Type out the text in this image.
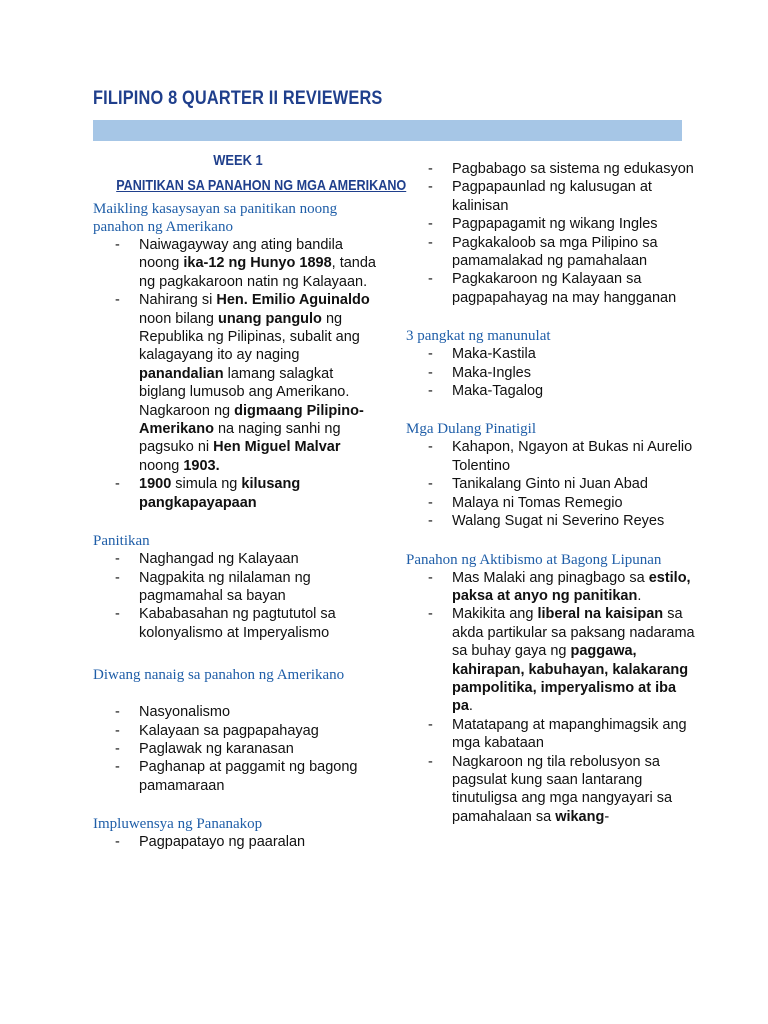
FILIPINO 8 QUARTER II REVIEWERS
WEEK 1
PANITIKAN SA PANAHON NG MGA AMERIKANO

Maikling kasaysayan sa panitikan noong panahon ng Amerikano

- Naiwagayway ang ating bandila noong ika-12 ng Hunyo 1898, tanda ng pagkakaroon natin ng Kalayaan.
- Nahirang si Hen. Emilio Aguinaldo noon bilang unang pangulo ng Republika ng Pilipinas, subalit ang kalagayang ito ay naging panandalian lamang salagkat biglang lumusob ang Amerikano.
Nagkaroon ng digmaang Pilipino-Amerikano na naging sanhi ng pagsuko ni Hen Miguel Malvar noong 1903.
- 1900 simula ng kilusang pangkapayapaan

Panitikan

- Naghangad ng Kalayaan
- Nagpakita ng nilalaman ng pagmamahal sa bayan
- Kababasahan ng pagtututol sa kolonyalismo at Imperyalismo

Diwang nanaig sa panahon ng Amerikano

- Nasyonalismo
- Kalayaan sa pagpapahayag
- Paglawak ng karanasan
- Paghanap at paggamit ng bagong pamamaraan

Impluwensya ng Pananakop

- Pagpapatayo ng paaralan
- Pagbabago sa sistema ng edukasyon
- Pagpapaunlad ng kalusugan at kalinisan
- Pagpapagamit ng wikang Ingles
- Pagkakaloob sa mga Pilipino sa pamamalakad ng pamahalaan
- Pagkakaroon ng Kalayaan sa pagpapahayag na may hangganan

3 pangkat ng manunulat

- Maka-Kastila
- Maka-Ingles
- Maka-Tagalog

Mga Dulang Pinatigil

- Kahapon, Ngayon at Bukas ni Aurelio Tolentino
- Tanikalang Ginto ni Juan Abad
- Malaya ni Tomas Remegio
- Walang Sugat ni Severino Reyes

Panahon ng Aktibismo at Bagong Lipunan

- Mas Malaki ang pinagbago sa estilo, paksa at anyo ng panitikan.
- Makikita ang liberal na kaisipan sa akda partikular sa paksang nadarama sa buhay gaya ng paggawa, kahirapan, kabuhayan, kalakarang pampolitika, imperyalismo at iba pa.
- Matatapang at mapanghimagsik ang mga kabataan
- Nagkaroon ng tila rebolusyon sa pagsulat kung saan lantarang tinutuligsa ang mga nangyayari sa pamahalaan sa wikang-
